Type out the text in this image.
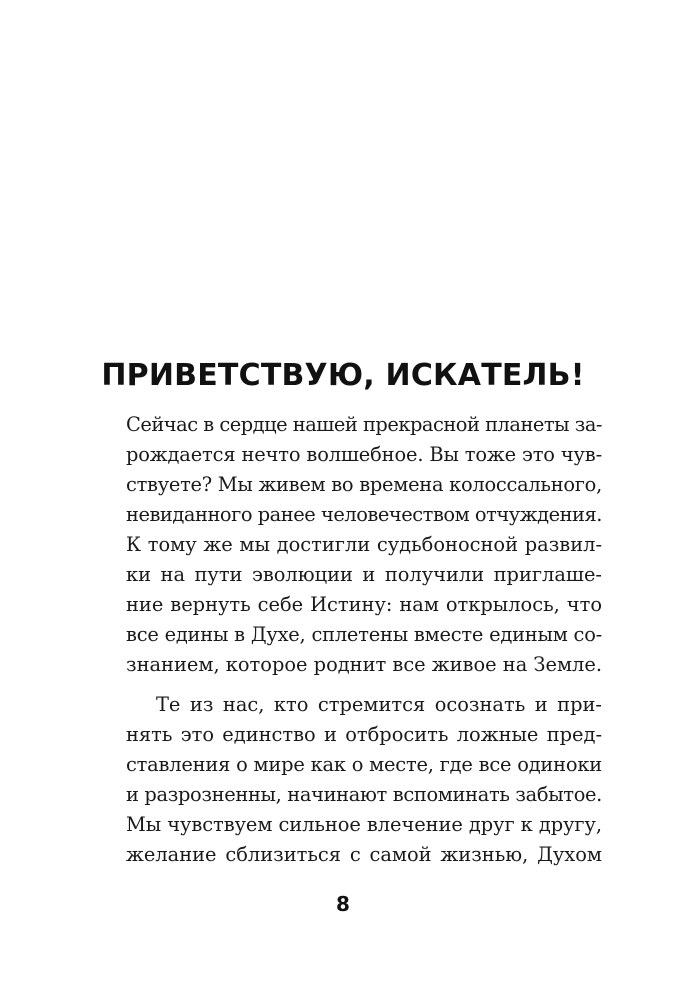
ПРИВЕТСТВУЮ, ИСКАТЕЛЬ!
Сейчас в сердце нашей прекрасной планеты за-
рождается нечто волшебное. Вы тоже это чув-
ствуете? Мы живем во времена колоссального,
невиданного ранее человечеством отчуждения.
К тому же мы достигли судьбоносной развил-
ки на пути эволюции и получили приглаше-
ние вернуть себе Истину: нам открылось, что
все едины в Духе, сплетены вместе единым со-
знанием, которое роднит все живое на Земле.
Те из нас, кто стремится осознать и при-
нять это единство и отбросить ложные пред-
ставления о мире как о месте, где все одиноки
и разрозненны, начинают вспоминать забытое.
Мы чувствуем сильное влечение друг к другу,
желание сблизиться с самой жизнью, Духом
8
